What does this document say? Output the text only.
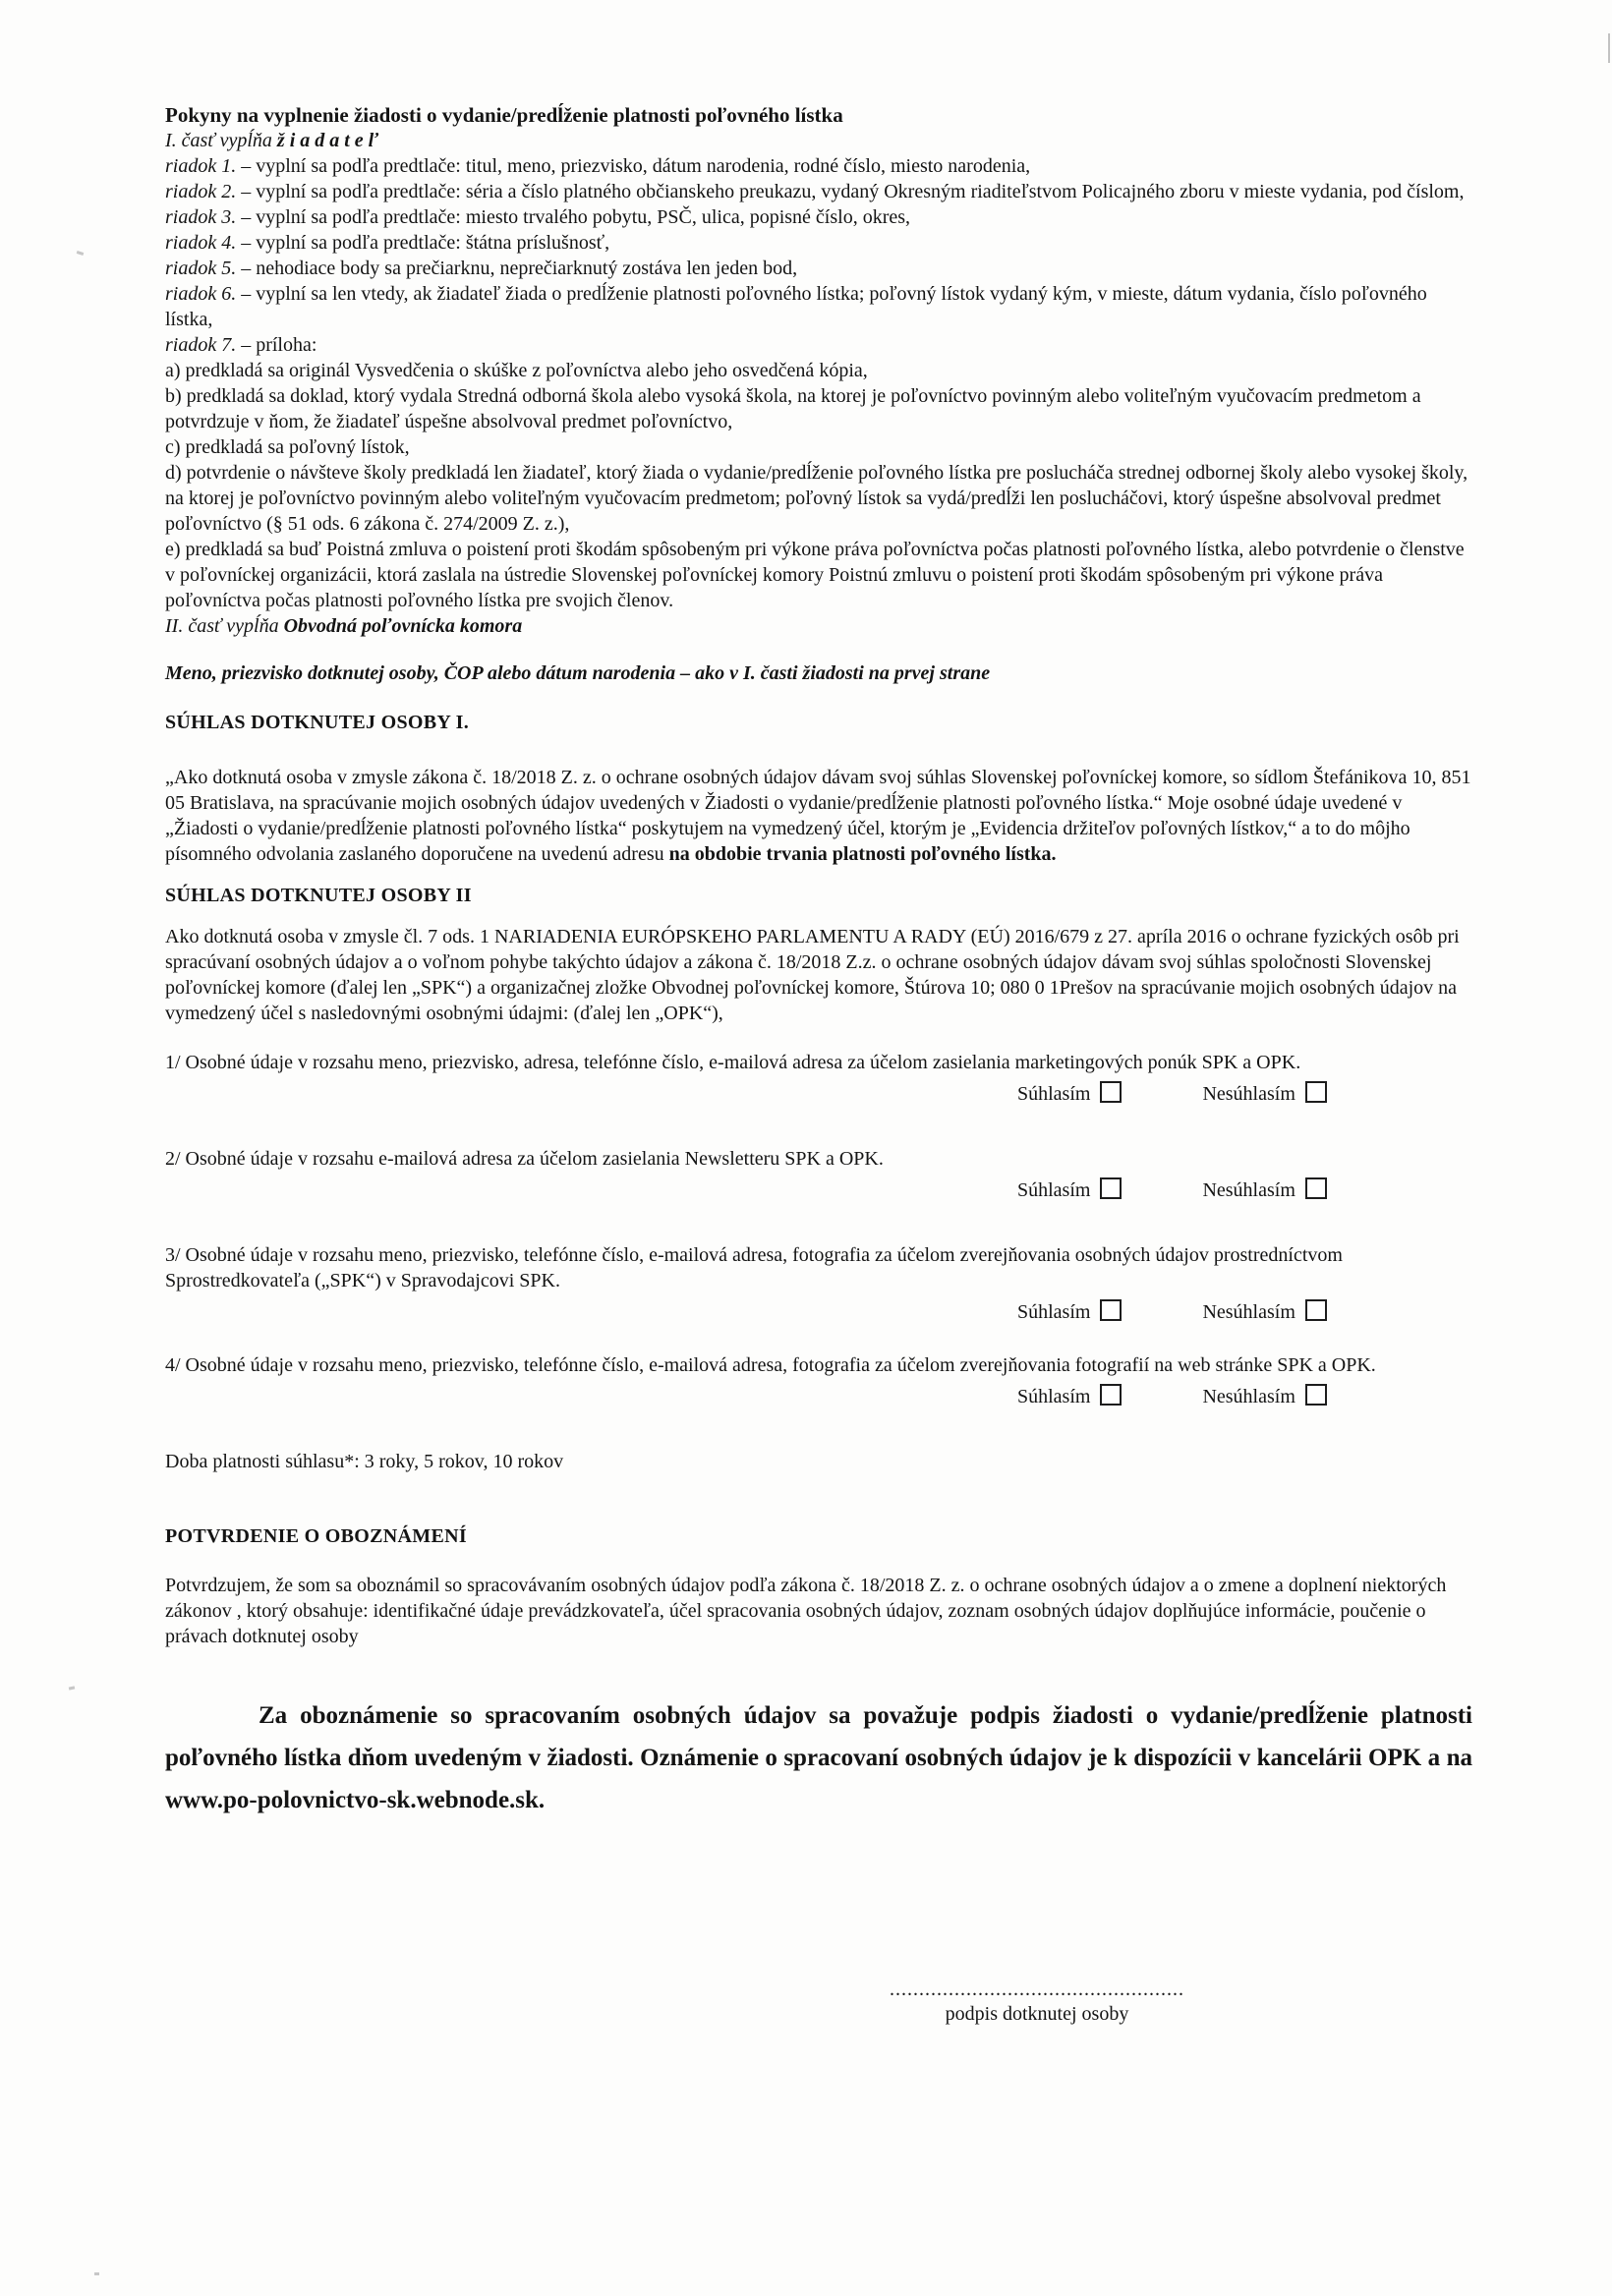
Pokyny na vyplnenie žiadosti o vydanie/predĺženie platnosti poľovného lístka
I. časť vypĺňa ž i a d a t e ľ
riadok 1. – vyplní sa podľa predtlače: titul, meno, priezvisko, dátum narodenia, rodné číslo, miesto narodenia,
riadok 2. – vyplní sa podľa predtlače: séria a číslo platného občianskeho preukazu, vydaný Okresným riaditeľstvom Policajného zboru v mieste vydania, pod číslom,
riadok 3. – vyplní sa podľa predtlače: miesto trvalého pobytu, PSČ, ulica, popisné číslo, okres,
riadok 4. – vyplní sa podľa predtlače: štátna príslušnosť,
riadok 5. – nehodiace body sa prečiarknu, neprečiarknutý zostáva len jeden bod,
riadok 6. – vyplní sa len vtedy, ak žiadateľ žiada o predĺženie platnosti poľovného lístka; poľovný lístok vydaný kým, v mieste, dátum vydania, číslo poľovného lístka,
riadok 7. – príloha:
a) predkladá sa originál Vysvedčenia o skúške z poľovníctva alebo jeho osvedčená kópia,
b) predkladá sa doklad, ktorý vydala Stredná odborná škola alebo vysoká škola, na ktorej je poľovníctvo povinným alebo voliteľným vyučovacím predmetom a potvrdzuje v ňom, že žiadateľ úspešne absolvoval predmet poľovníctvo,
c) predkladá sa poľovný lístok,
d) potvrdenie o návšteve školy predkladá len žiadateľ, ktorý žiada o vydanie/predĺženie poľovného lístka pre poslucháča strednej odbornej školy alebo vysokej školy, na ktorej je poľovníctvo povinným alebo voliteľným vyučovacím predmetom; poľovný lístok sa vydá/predĺži len poslucháčovi, ktorý úspešne absolvoval predmet poľovníctvo (§ 51 ods. 6 zákona č. 274/2009 Z. z.),
e) predkladá sa buď Poistná zmluva o poistení proti škodám spôsobeným pri výkone práva poľovníctva počas platnosti poľovného lístka, alebo potvrdenie o členstve v poľovníckej organizácii, ktorá zaslala na ústredie Slovenskej poľovníckej komory Poistnú zmluvu o poistení proti škodám spôsobeným pri výkone práva poľovníctva počas platnosti poľovného lístka pre svojich členov.
II. časť vypĺňa Obvodná poľovnícka komora
Meno, priezvisko dotknutej osoby, ČOP alebo dátum narodenia – ako v I. časti žiadosti na prvej strane
SÚHLAS DOTKNUTEJ OSOBY I.
„Ako dotknutá osoba v zmysle zákona č. 18/2018 Z. z. o ochrane osobných údajov dávam svoj súhlas Slovenskej poľovníckej komore, so sídlom Štefánikova 10, 851 05 Bratislava, na spracúvanie mojich osobných údajov uvedených v Žiadosti o vydanie/predĺženie platnosti poľovného lístka.“ Moje osobné údaje uvedené v „Žiadosti o vydanie/predĺženie platnosti poľovného lístka“ poskytujem na vymedzený účel, ktorým je „Evidencia držiteľov poľovných lístkov,“ a to do môjho písomného odvolania zaslaného doporučene na uvedenú adresu na obdobie trvania platnosti poľovného lístka.
SÚHLAS DOTKNUTEJ OSOBY II
Ako dotknutá osoba v zmysle čl. 7 ods. 1 NARIADENIA EURÓPSKEHO PARLAMENTU A RADY (EÚ) 2016/679 z 27. apríla 2016 o ochrane fyzických osôb pri spracúvaní osobných údajov a o voľnom pohybe takýchto údajov a zákona č. 18/2018 Z.z. o ochrane osobných údajov dávam svoj súhlas spoločnosti Slovenskej poľovníckej komore (ďalej len „SPK“) a organizačnej zložke Obvodnej poľovníckej komore, Štúrova 10; 080 0 1Prešov na spracúvanie mojich osobných údajov na vymedzený účel s nasledovnými osobnými údajmi: (ďalej len „OPK“),
1/ Osobné údaje v rozsahu meno, priezvisko, adresa, telefónne číslo, e-mailová adresa za účelom zasielania marketingových ponúk SPK a OPK.
Súhlasím	Nesúhlasím
2/ Osobné údaje v rozsahu e-mailová adresa za účelom zasielania Newsletteru SPK a OPK.
Súhlasím	Nesúhlasím
3/ Osobné údaje v rozsahu meno, priezvisko, telefónne číslo, e-mailová adresa, fotografia za účelom zverejňovania osobných údajov prostredníctvom Sprostredkovateľa („SPK“) v Spravodajcovi SPK.
Súhlasím	Nesúhlasím
4/ Osobné údaje v rozsahu meno, priezvisko, telefónne číslo, e-mailová adresa, fotografia za účelom zverejňovania fotografií na web stránke SPK a OPK.
Súhlasím	Nesúhlasím
Doba platnosti súhlasu*: 3 roky, 5 rokov, 10 rokov
POTVRDENIE O OBOZNÁMENÍ
Potvrdzujem, že som sa oboznámil so spracovávaním osobných údajov podľa zákona č. 18/2018 Z. z. o ochrane osobných údajov a o zmene a doplnení niektorých zákonov , ktorý obsahuje: identifikačné údaje prevádzkovateľa, účel spracovania osobných údajov, zoznam osobných údajov doplňujúce informácie, poučenie o právach dotknutej osoby
Za oboznámenie so spracovaním osobných údajov sa považuje podpis žiadosti o vydanie/predĺženie platnosti poľovného lístka dňom uvedeným v žiadosti. Oznámenie o spracovaní osobných údajov je k dispozícii v kancelárii OPK a na www.po-polovnictvo-sk.webnode.sk.
..................................................
podpis dotknutej osoby
